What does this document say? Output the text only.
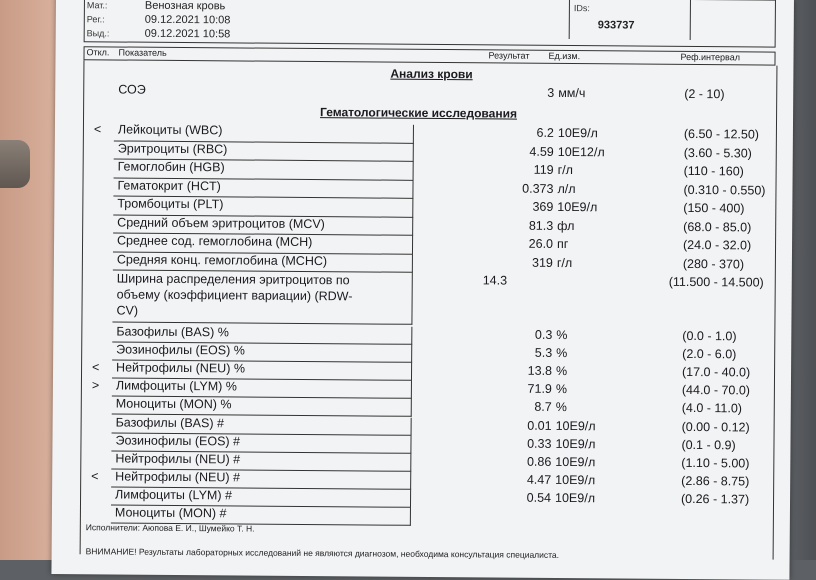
Мат.:	Венозная кровь
Рег.:	09.12.2021 10:08
Выд.:	09.12.2021 10:58
IDs:
933737
Откл. Показатель	Результат Ед.изм.	Реф.интервал
Анализ крови
СОЭ	3 мм/ч	(2 - 10)
Гематологические исследования
<	Лейкоциты (WBC)	6.2 10E9/л	(6.50 - 12.50)
Эритроциты (RBC)	4.59 10E12/л	(3.60 - 5.30)
Гемоглобин (HGB)	119 г/л	(110 - 160)
Гематокрит (HCT)	0.373 л/л	(0.310 - 0.550)
Тромбоциты (PLT)	369 10E9/л	(150 - 400)
Средний объем эритроцитов (MCV)	81.3 фл	(68.0 - 85.0)
Среднее сод. гемоглобина (MCH)	26.0 пг	(24.0 - 32.0)
Средняя конц. гемоглобина (MCHC)	319 г/л	(280 - 370)
Ширина распределения эритроцитов по
объему (коэффициент вариации) (RDW-
CV)
14.3	(11.500 - 14.500)
Базофилы (BAS) %	0.3 %	(0.0 - 1.0)
Эозинофилы (EOS) %	5.3 %	(2.0 - 6.0)
<	Нейтрофилы (NEU) %	13.8 %	(17.0 - 40.0)
>	Лимфоциты (LYM) %	71.9 %	(44.0 - 70.0)
Моноциты (MON) %	8.7 %	(4.0 - 11.0)
Базофилы (BAS) #	0.01 10E9/л	(0.00 - 0.12)
Эозинофилы (EOS) #	0.33 10E9/л	(0.1 - 0.9)
Нейтрофилы (NEU) #	0.86 10E9/л	(1.10 - 5.00)
<	Нейтрофилы (NEU) #	4.47 10E9/л	(2.86 - 8.75)
Лимфоциты (LYM) #	0.54 10E9/л	(0.26 - 1.37)
Моноциты (MON) #
Исполнители: Аюпова Е. И., Шумейко Т. Н.
ВНИМАНИЕ! Результаты лабораторных исследований не являются диагнозом, необходима консультация специалиста.
